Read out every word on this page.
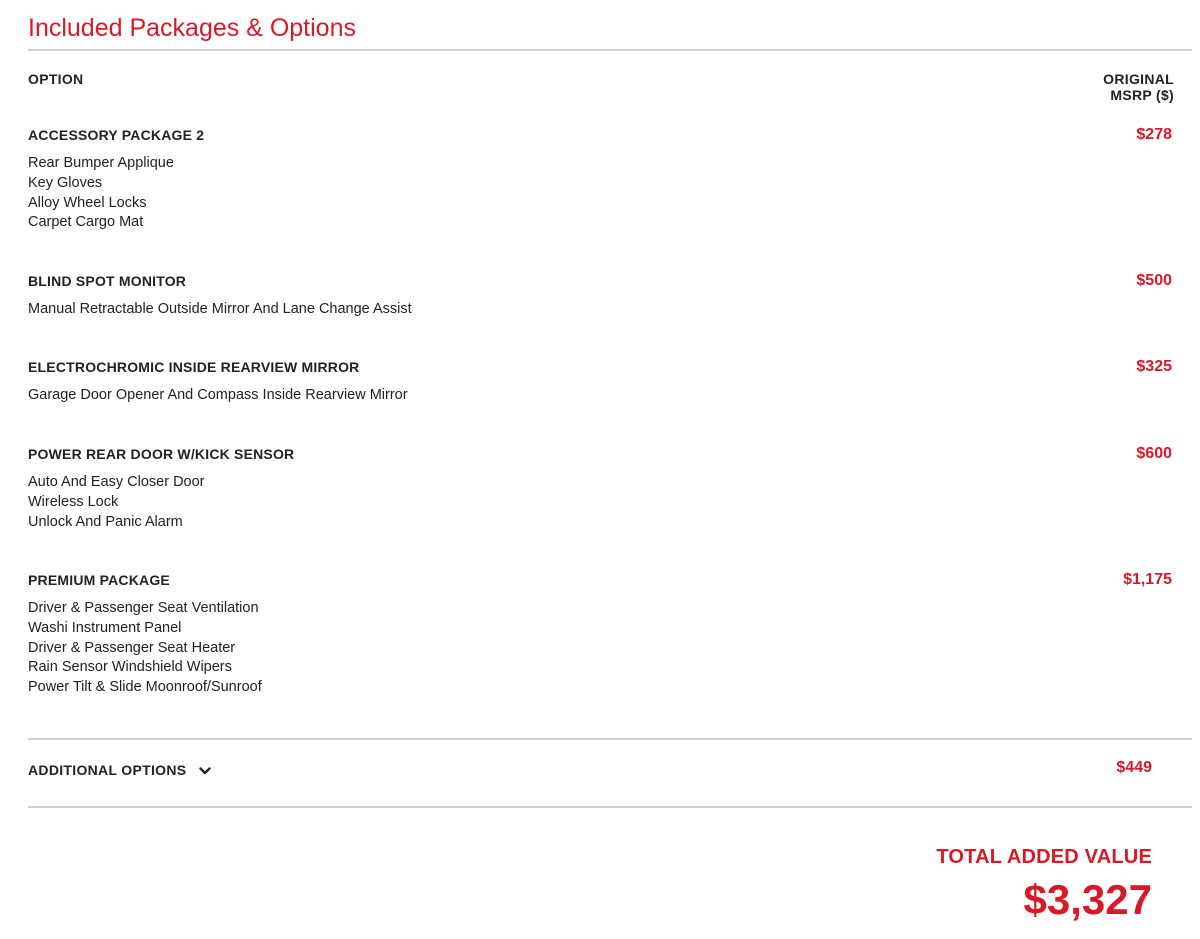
Included Packages & Options
OPTION	ORIGINAL
MSRP ($)
ACCESSORY PACKAGE 2	$278
Rear Bumper Applique
Key Gloves
Alloy Wheel Locks
Carpet Cargo Mat
BLIND SPOT MONITOR	$500
Manual Retractable Outside Mirror And Lane Change Assist
ELECTROCHROMIC INSIDE REARVIEW MIRROR	$325
Garage Door Opener And Compass Inside Rearview Mirror
POWER REAR DOOR W/KICK SENSOR	$600
Auto And Easy Closer Door
Wireless Lock
Unlock And Panic Alarm
PREMIUM PACKAGE	$1,175
Driver & Passenger Seat Ventilation
Washi Instrument Panel
Driver & Passenger Seat Heater
Rain Sensor Windshield Wipers
Power Tilt & Slide Moonroof/Sunroof
ADDITIONAL OPTIONS	$449
TOTAL ADDED VALUE
$3,327
